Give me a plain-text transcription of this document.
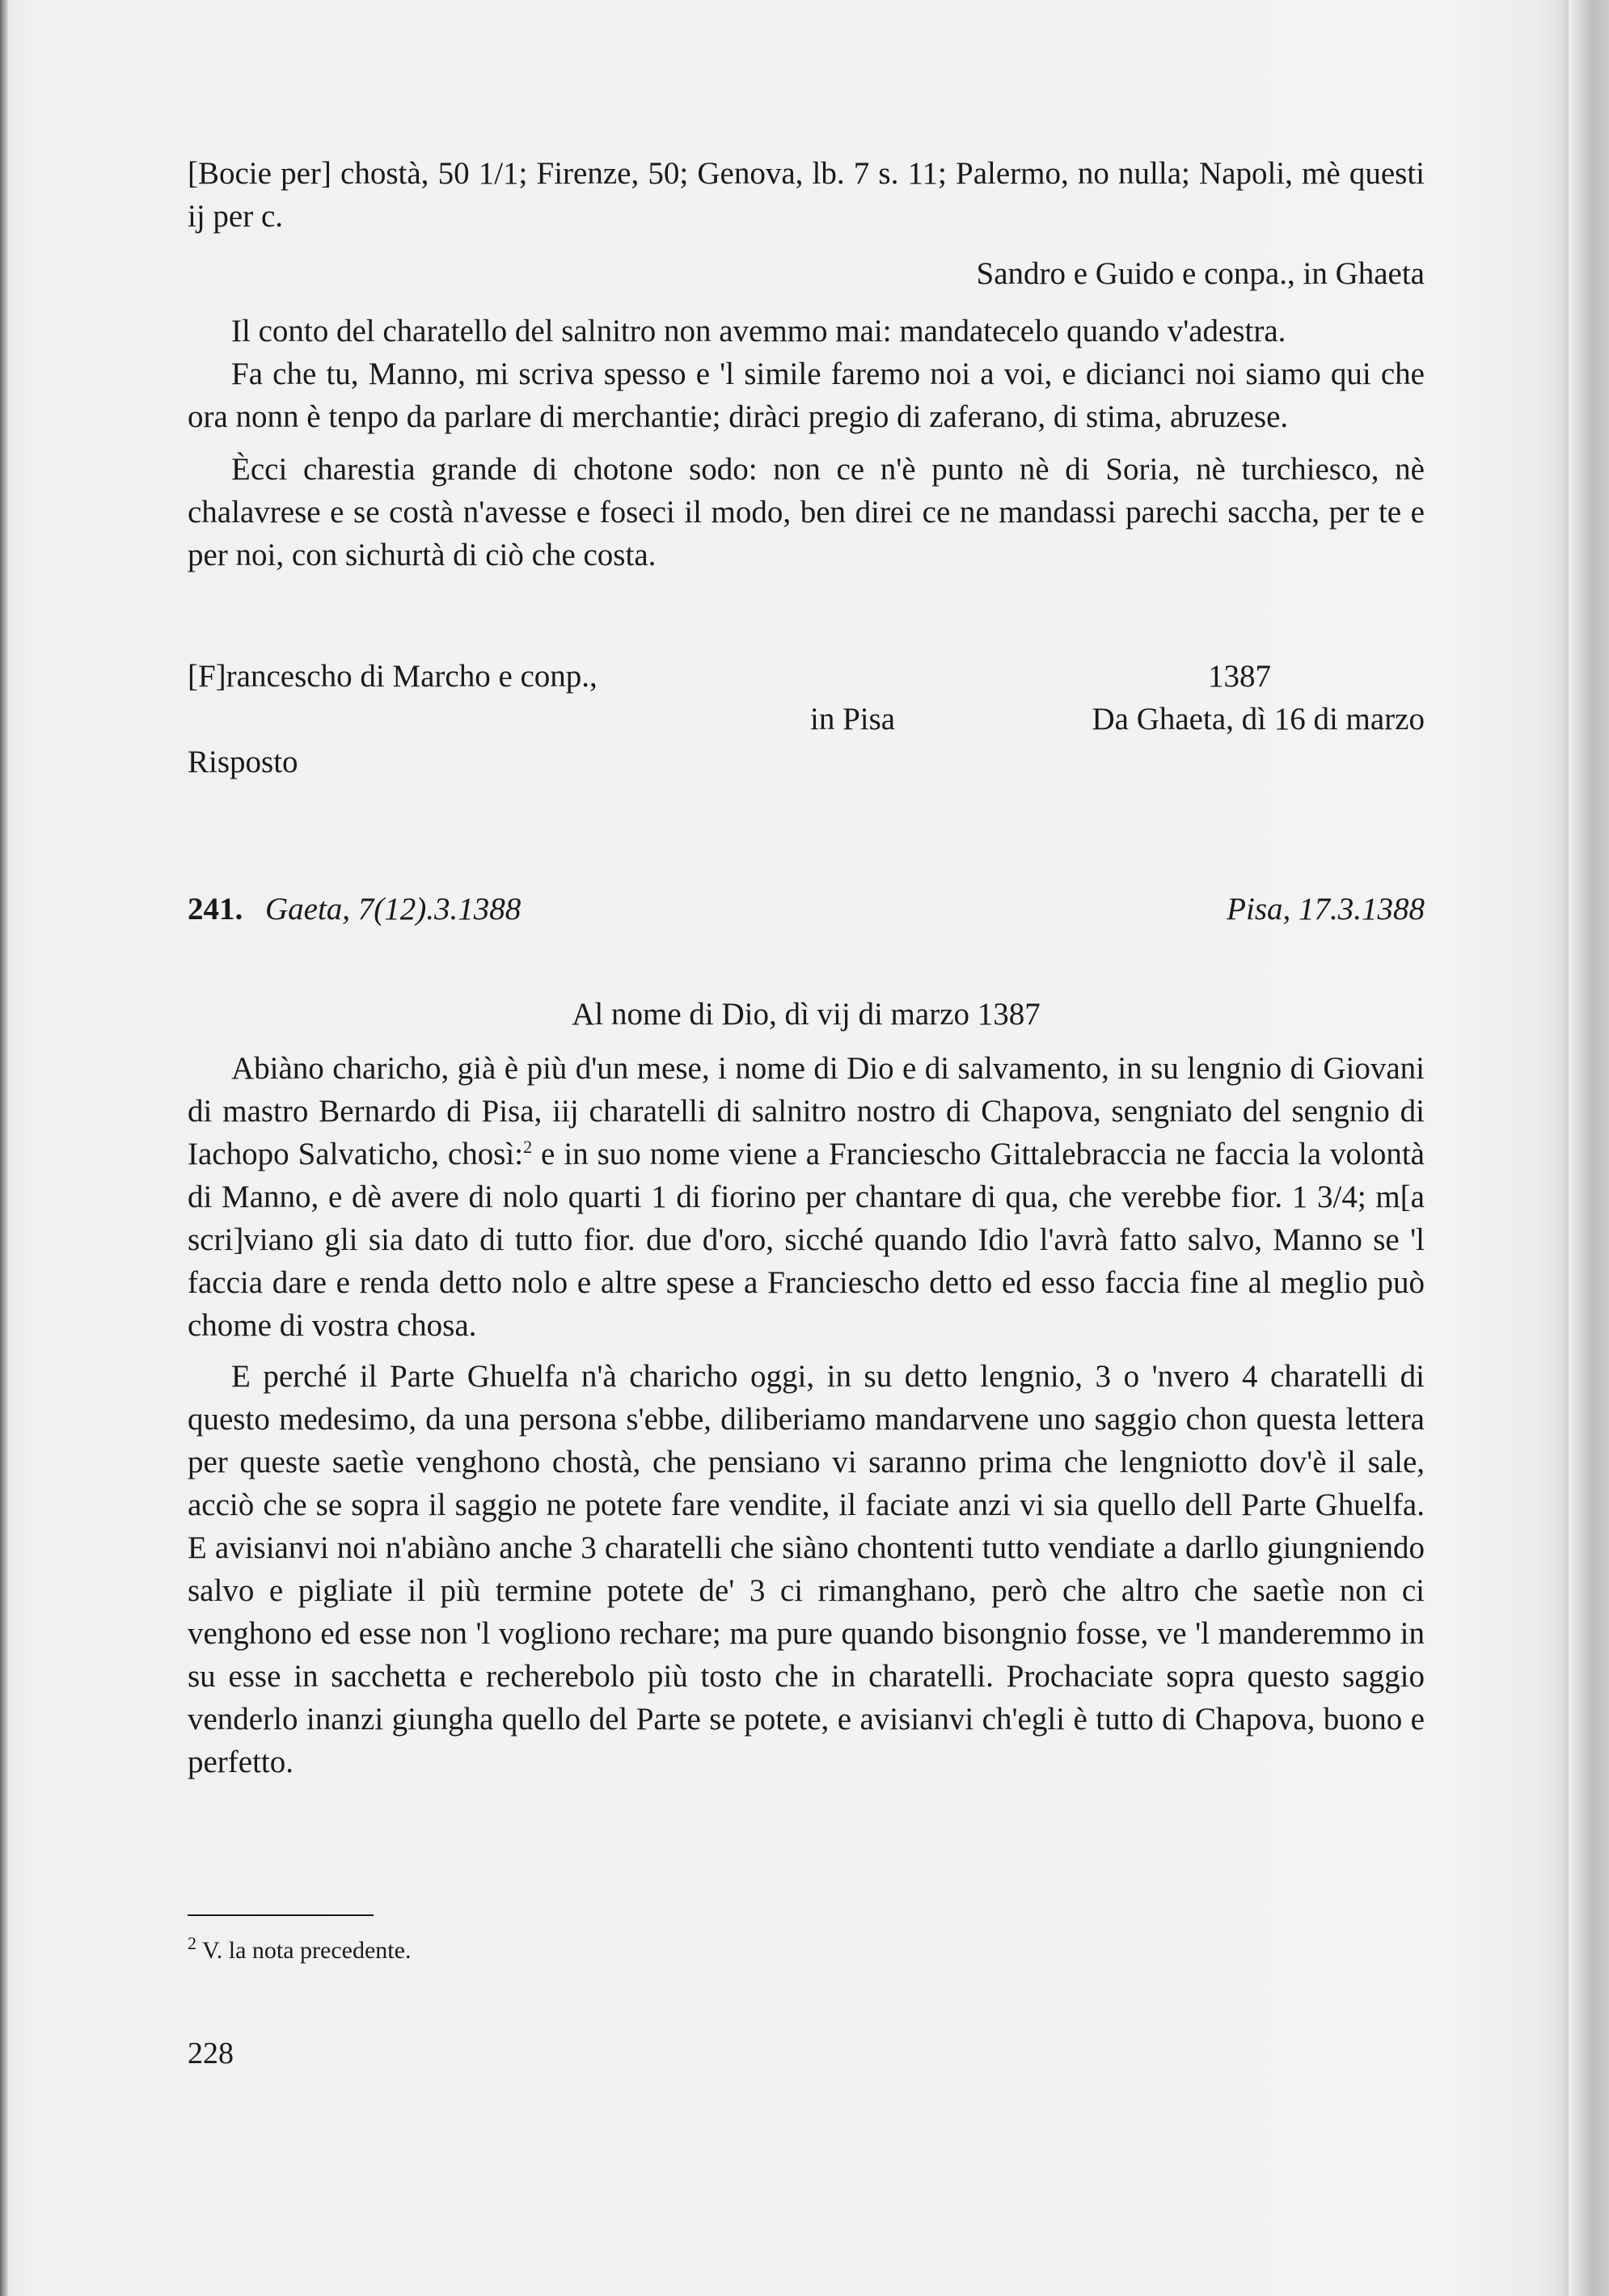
[Bocie per] chostà, 50 1/1; Firenze, 50; Genova, lb. 7 s. 11; Palermo, no nulla; Napoli, mè questi ij per c.

Sandro e Guido e conpa., in Ghaeta

Il conto del charatello del salnitro non avemmo mai: mandatecelo quando v'adestra.

Fa che tu, Manno, mi scriva spesso e 'l simile faremo noi a voi, e dicianci noi siamo qui che ora nonn è tenpo da parlare di merchantie; diràci pregio di zaferano, di stima, abruzese.

Ècci charestia grande di chotone sodo: non ce n'è punto nè di Soria, nè turchiesco, nè chalavrese e se costà n'avesse e foseci il modo, ben direi ce ne mandassi parechi saccha, per te e per noi, con sichurtà di ciò che costa.

[F]rancescho di Marcho e conp.,	1387
in Pisa	Da Ghaeta, dì 16 di marzo
Risposto
241. Gaeta, 7(12).3.1388	Pisa, 17.3.1388

Al nome di Dio, dì vij di marzo 1387

Abiàno charicho, già è più d'un mese, i nome di Dio e di salvamento, in su lengnio di Giovani di mastro Bernardo di Pisa, iij charatelli di salnitro nostro di Chapova, sengniato del sengnio di Iachopo Salvaticho, chosì:$^2$ e in suo nome viene a Franciescho Gittalebraccia ne faccia la volontà di Manno, e dè avere di nolo quarti 1 di fiorino per chantare di qua, che verebbe fior. 1 3/4; m[a scri]viano gli sia dato di tutto fior. due d'oro, sicché quando Idio l'avrà fatto salvo, Manno se 'l faccia dare e renda detto nolo e altre spese a Franciescho detto ed esso faccia fine al meglio può chome di vostra chosa.

E perché il Parte Ghuelfa n'à charicho oggi, in su detto lengnio, 3 o 'nvero 4 charatelli di questo medesimo, da una persona s'ebbe, diliberiamo mandarvene uno saggio chon questa lettera per queste saetìe venghono chostà, che pensiano vi saranno prima che lengniotto dov'è il sale, acciò che se sopra il saggio ne potete fare vendite, il faciate anzi vi sia quello dell Parte Ghuelfa. E avisianvi noi n'abiàno anche 3 charatelli che siàno chontenti tutto vendiate a darllo giungniendo salvo e pigliate il più termine potete de' 3 ci rimanghano, però che altro che saetìe non ci venghono ed esse non 'l vogliono rechare; ma pure quando bisongnio fosse, ve 'l manderemmo in su esse in sacchetta e recherebolo più tosto che in charatelli. Prochaciate sopra questo saggio venderlo inanzi giungha quello del Parte se potete, e avisianvi ch'egli è tutto di Chapova, buono e perfetto.

$^2$ V. la nota precedente.
228
